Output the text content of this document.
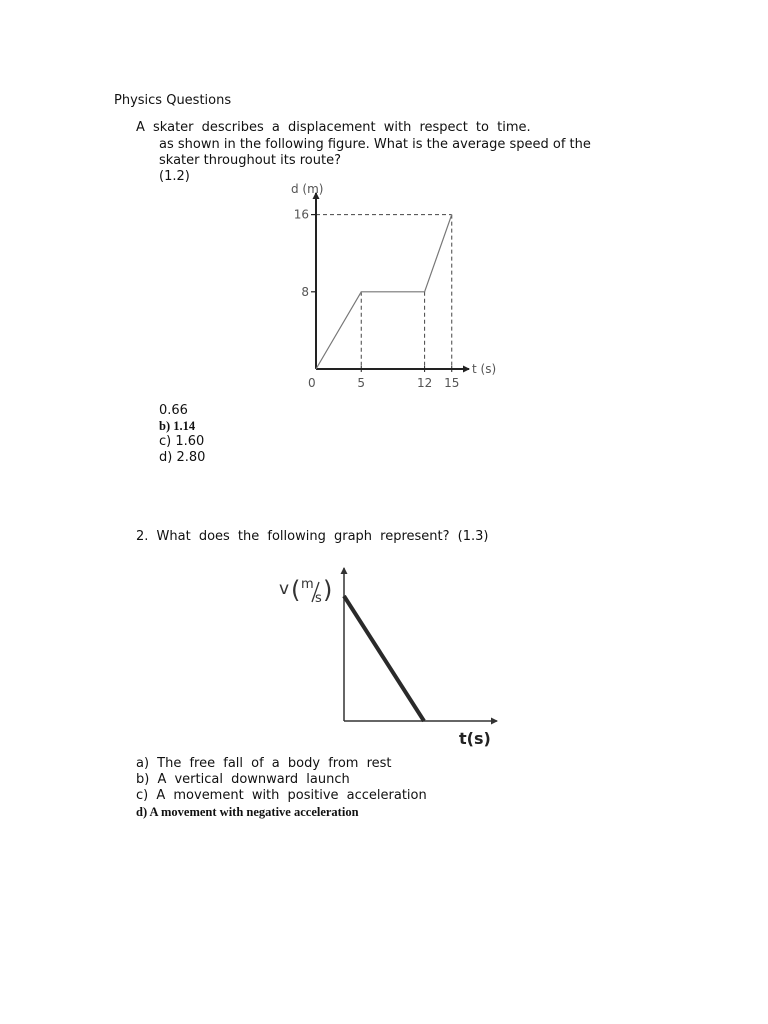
Physics Questions
A skater describes a displacement with respect to time.
as shown in the following figure. What is the average speed of the
skater throughout its route?
(1.2)
0	5	12 15
8
16
d (m)
t (s)
0.66
b) 1.14
c) 1.60
d) 2.80
2. What does the following graph represent? (1.3)
v ( m
s )
t(s)
a) The free fall of a body from rest
b) A vertical downward launch
c) A movement with positive acceleration
d) A movement with negative acceleration
